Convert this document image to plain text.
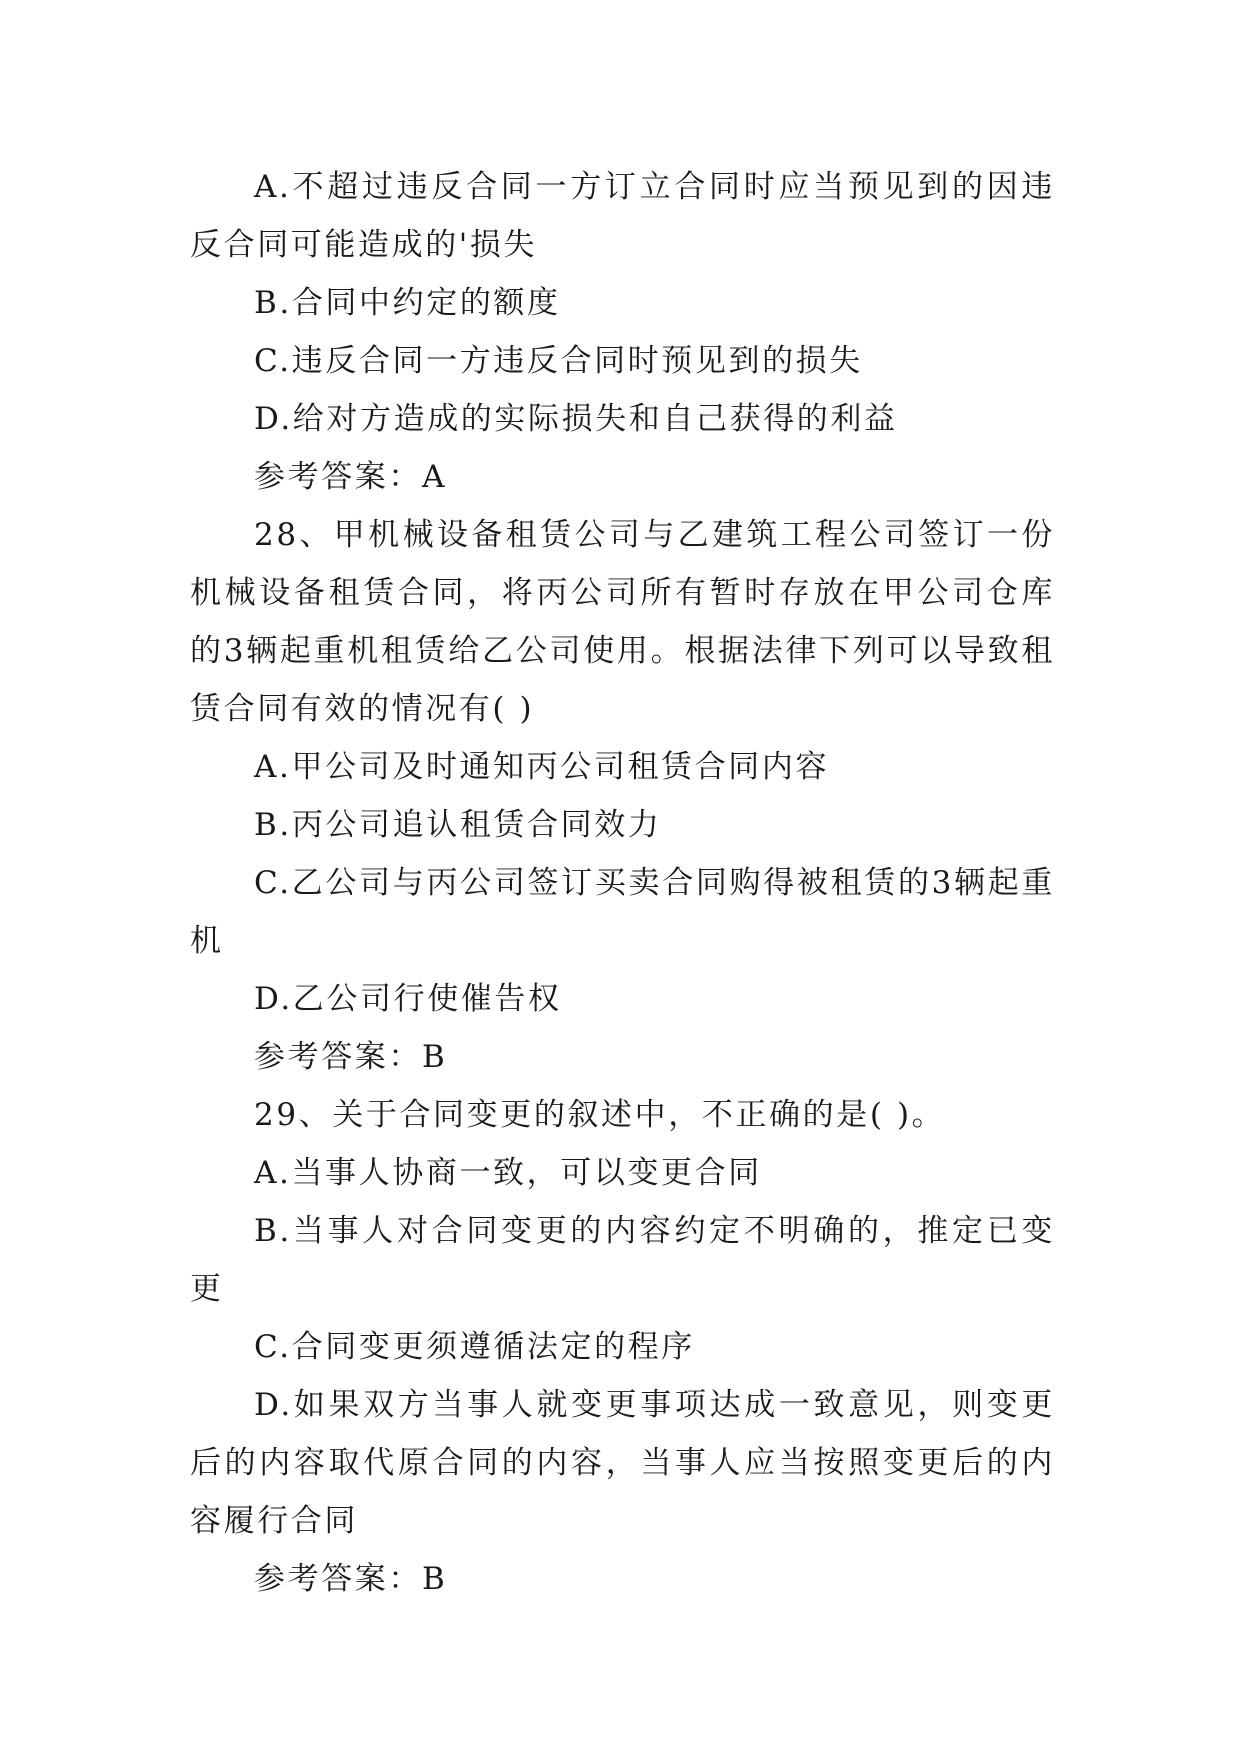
A.不超过违反合同一方订立合同时应当预见到的因违反合同可能造成的'损失

B.合同中约定的额度

C.违反合同一方违反合同时预见到的损失

D.给对方造成的实际损失和自己获得的利益

参考答案：A

28、甲机械设备租赁公司与乙建筑工程公司签订一份机械设备租赁合同，将丙公司所有暂时存放在甲公司仓库的3辆起重机租赁给乙公司使用。根据法律下列可以导致租赁合同有效的情况有( )

A.甲公司及时通知丙公司租赁合同内容

B.丙公司追认租赁合同效力

C.乙公司与丙公司签订买卖合同购得被租赁的3辆起重机

D.乙公司行使催告权

参考答案：B

29、关于合同变更的叙述中，不正确的是( )。

A.当事人协商一致，可以变更合同

B.当事人对合同变更的内容约定不明确的，推定已变更

C.合同变更须遵循法定的程序

D.如果双方当事人就变更事项达成一致意见，则变更后的内容取代原合同的内容，当事人应当按照变更后的内容履行合同

参考答案：B
